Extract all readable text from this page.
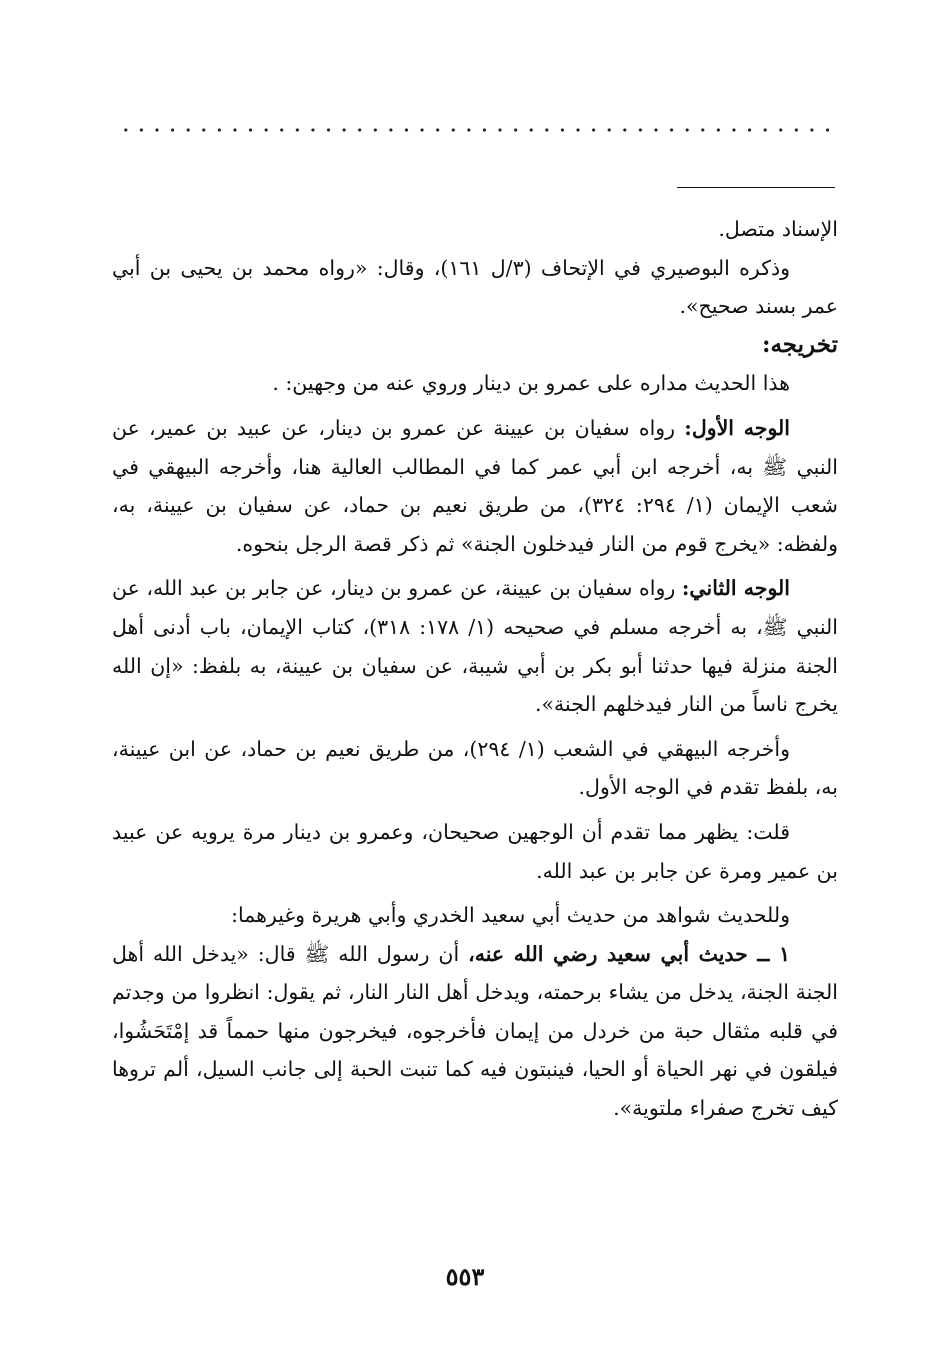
الإسناد متصل.

وذكره البوصيري في الإتحاف (٣/ل ١٦١)، وقال: «رواه محمد بن يحيى بن أبي عمر بسند صحيح».

تخريجه:

هذا الحديث مداره على عمرو بن دينار وروي عنه من وجهين: .

الوجه الأول: رواه سفيان بن عيينة عن عمرو بن دينار، عن عبيد بن عمير، عن النبي ﷺ به، أخرجه ابن أبي عمر كما في المطالب العالية هنا، وأخرجه البيهقي في شعب الإيمان (١/ ٢٩٤: ٣٢٤)، من طريق نعيم بن حماد، عن سفيان بن عيينة، به، ولفظه: «يخرج قوم من النار فيدخلون الجنة» ثم ذكر قصة الرجل بنحوه.

الوجه الثاني: رواه سفيان بن عيينة، عن عمرو بن دينار، عن جابر بن عبد الله، عن النبي ﷺ، به أخرجه مسلم في صحيحه (١/ ١٧٨: ٣١٨)، كتاب الإيمان، باب أدنى أهل الجنة منزلة فيها حدثنا أبو بكر بن أبي شيبة، عن سفيان بن عيينة، به بلفظ: «إن الله يخرج ناساً من النار فيدخلهم الجنة».

وأخرجه البيهقي في الشعب (١/ ٢٩٤)، من طريق نعيم بن حماد، عن ابن عيينة، به، بلفظ تقدم في الوجه الأول.

قلت: يظهر مما تقدم أن الوجهين صحيحان، وعمرو بن دينار مرة يرويه عن عبيد بن عمير ومرة عن جابر بن عبد الله.

وللحديث شواهد من حديث أبي سعيد الخدري وأبي هريرة وغيرهما:

١ ــ حديث أبي سعيد رضي الله عنه، أن رسول الله ﷺ قال: «يدخل الله أهل الجنة الجنة، يدخل من يشاء برحمته، ويدخل أهل النار النار، ثم يقول: انظروا من وجدتم في قلبه مثقال حبة من خردل من إيمان فأخرجوه، فيخرجون منها حمماً قد إمْتَحَشُوا، فيلقون في نهر الحياة أو الحيا، فينبتون فيه كما تنبت الحبة إلى جانب السيل، ألم تروها كيف تخرج صفراء ملتوية».

٥٥٣
